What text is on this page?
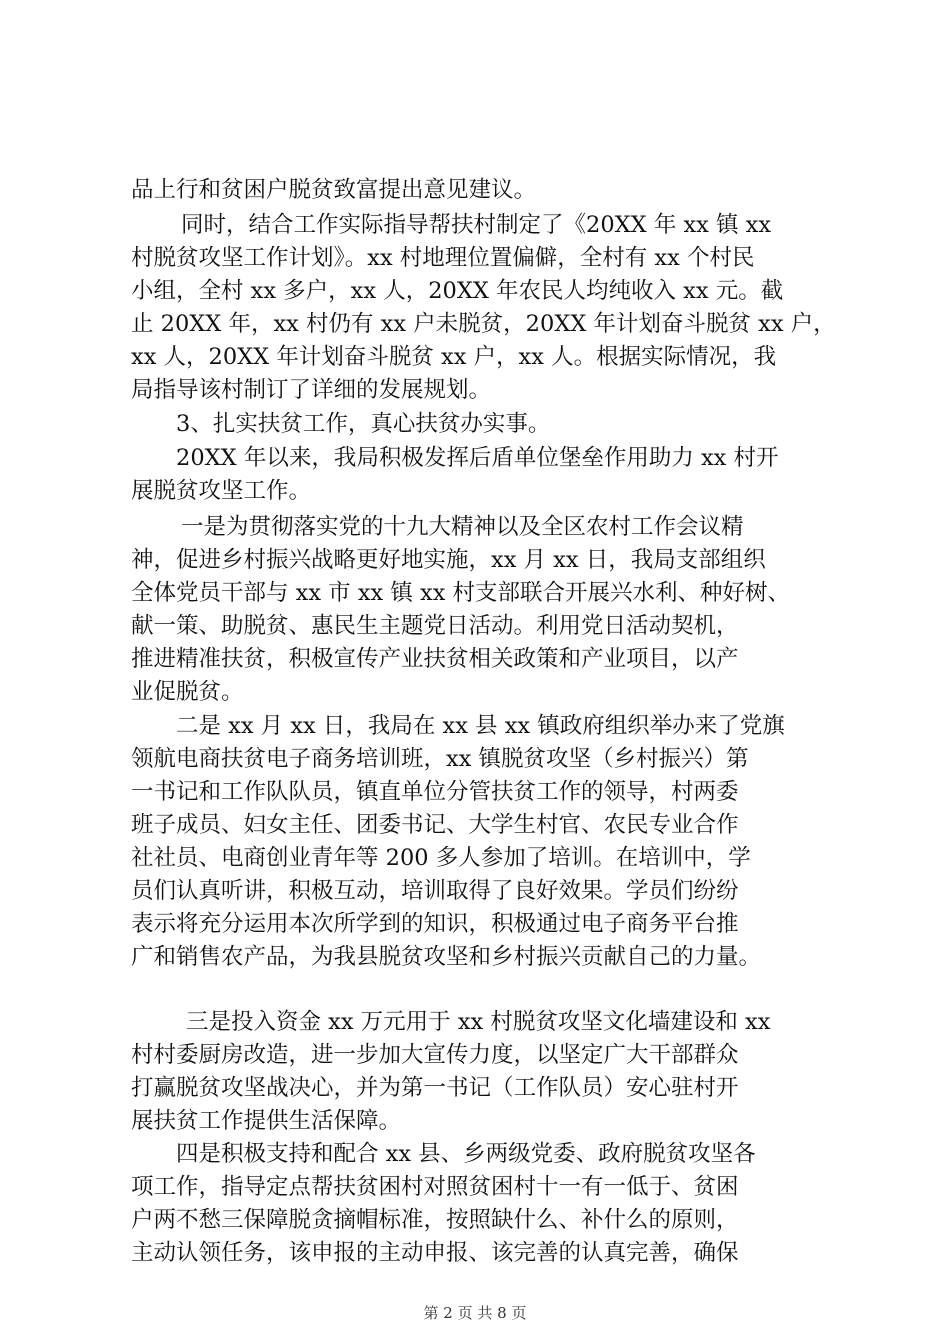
品上行和贫困户脱贫致富提出意见建议。
同时，结合工作实际指导帮扶村制定了《20XX 年 xx 镇 xx
村脱贫攻坚工作计划》。xx 村地理位置偏僻，全村有 xx 个村民
小组，全村 xx 多户，xx 人，20XX 年农民人均纯收入 xx 元。截
止 20XX 年，xx 村仍有 xx 户未脱贫，20XX 年计划奋斗脱贫 xx 户，
xx 人，20XX 年计划奋斗脱贫 xx 户，xx 人。根据实际情况，我
局指导该村制订了详细的发展规划。
3、扎实扶贫工作，真心扶贫办实事。
20XX 年以来，我局积极发挥后盾单位堡垒作用助力 xx 村开
展脱贫攻坚工作。
一是为贯彻落实党的十九大精神以及全区农村工作会议精
神，促进乡村振兴战略更好地实施，xx 月 xx 日，我局支部组织
全体党员干部与 xx 市 xx 镇 xx 村支部联合开展兴水利、种好树、
献一策、助脱贫、惠民生主题党日活动。利用党日活动契机，
推进精准扶贫，积极宣传产业扶贫相关政策和产业项目，以产
业促脱贫。
二是 xx 月 xx 日，我局在 xx 县 xx 镇政府组织举办来了党旗
领航电商扶贫电子商务培训班，xx 镇脱贫攻坚（乡村振兴）第
一书记和工作队队员，镇直单位分管扶贫工作的领导，村两委
班子成员、妇女主任、团委书记、大学生村官、农民专业合作
社社员、电商创业青年等 200 多人参加了培训。在培训中，学
员们认真听讲，积极互动，培训取得了良好效果。学员们纷纷
表示将充分运用本次所学到的知识，积极通过电子商务平台推
广和销售农产品，为我县脱贫攻坚和乡村振兴贡献自己的力量。
三是投入资金 xx 万元用于 xx 村脱贫攻坚文化墙建设和 xx
村村委厨房改造，进一步加大宣传力度，以坚定广大干部群众
打赢脱贫攻坚战决心，并为第一书记（工作队员）安心驻村开
展扶贫工作提供生活保障。
四是积极支持和配合 xx 县、乡两级党委、政府脱贫攻坚各
项工作，指导定点帮扶贫困村对照贫困村十一有一低于、贫困
户两不愁三保障脱贪摘帽标准，按照缺什么、补什么的原则，
主动认领任务，该申报的主动申报、该完善的认真完善，确保
第 2 页 共 8 页
